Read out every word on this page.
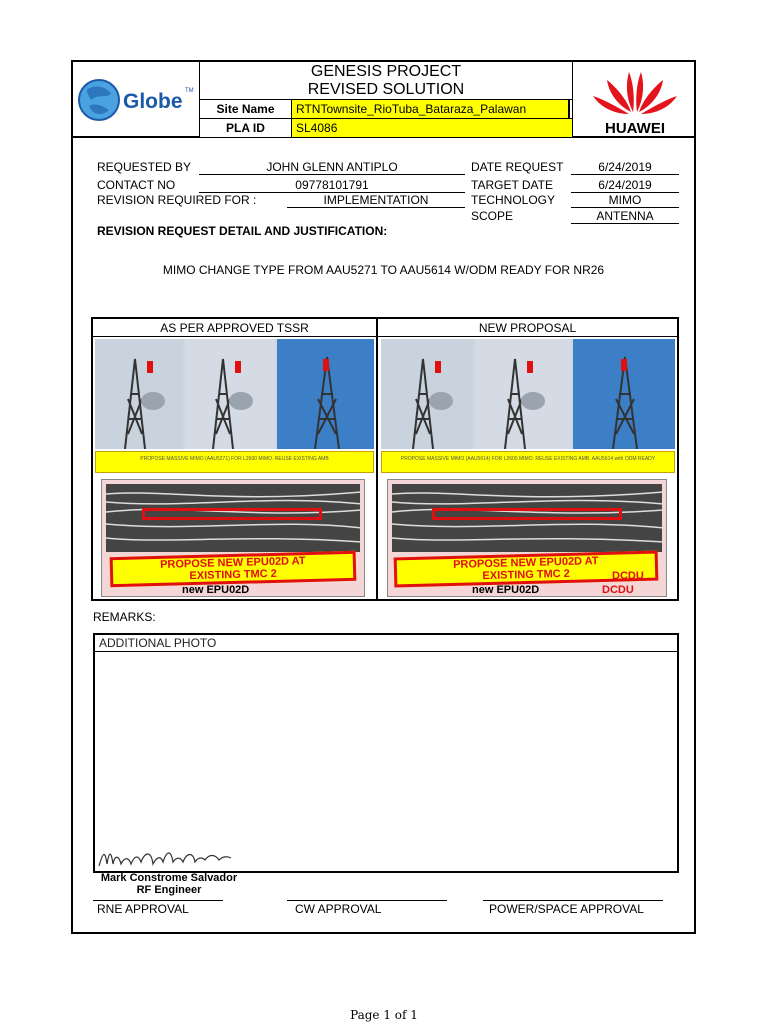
Globe TM
GENESIS PROJECT
REVISED SOLUTION
Site Name	RTNTownsite_RioTuba_Bataraza_Palawan
PLA ID	SL4086	HUAWEI
REQUESTED BY	JOHN GLENN ANTIPLO	DATE REQUEST	6/24/2019
CONTACT NO	09778101791	TARGET DATE	6/24/2019
REVISION REQUIRED FOR :	IMPLEMENTATION	TECHNOLOGY	MIMO
SCOPE	ANTENNA
REVISION REQUEST DETAIL AND JUSTIFICATION:
MIMO CHANGE TYPE FROM AAU5271 TO AAU5614 W/ODM READY FOR NR26
AS PER APPROVED TSSR	NEW PROPOSAL
PROPOSE MASSIVE MIMO (AAU5271) FOR L2600 MIMO. REUSE EXISTING AMB	PROPOSE MASSIVE MIMO (AAU5614) FOR L2600 MIMO. REUSE EXISTING AMB. AAU5614 with ODM READY
PROPOSE NEW EPU02D AT
EXISTING TMC 2
new EPU02D
PROPOSE NEW EPU02D AT
EXISTING TMC 2	DCDU
new EPU02D	DCDU
REMARKS:
ADDITIONAL PHOTO
Mark Constrome Salvador
RF Engineer
RNE APPROVAL	CW APPROVAL	POWER/SPACE APPROVAL
Page 1 of 1
